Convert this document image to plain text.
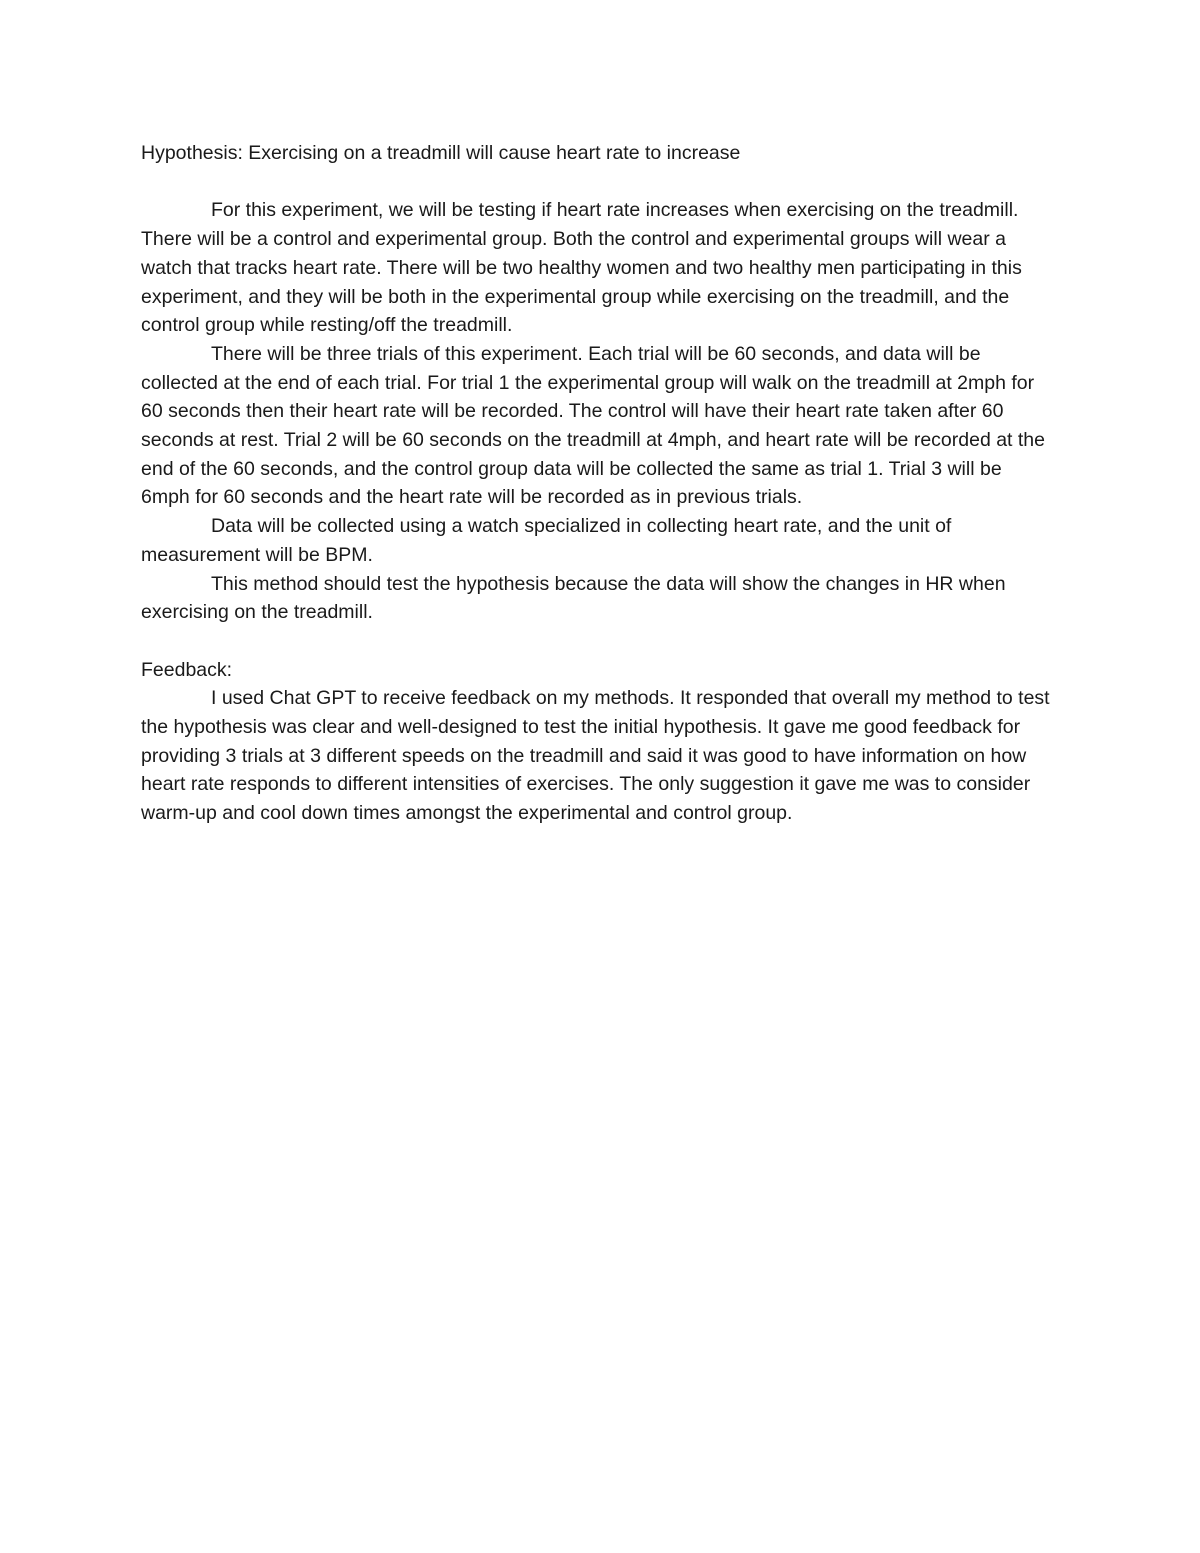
Hypothesis: Exercising on a treadmill will cause heart rate to increase

For this experiment, we will be testing if heart rate increases when exercising on the treadmill. There will be a control and experimental group. Both the control and experimental groups will wear a watch that tracks heart rate. There will be two healthy women and two healthy men participating in this experiment, and they will be both in the experimental group while exercising on the treadmill, and the control group while resting/off the treadmill.

There will be three trials of this experiment. Each trial will be 60 seconds, and data will be collected at the end of each trial. For trial 1 the experimental group will walk on the treadmill at 2mph for 60 seconds then their heart rate will be recorded. The control will have their heart rate taken after 60 seconds at rest. Trial 2 will be 60 seconds on the treadmill at 4mph, and heart rate will be recorded at the end of the 60 seconds, and the control group data will be collected the same as trial 1. Trial 3 will be 6mph for 60 seconds and the heart rate will be recorded as in previous trials.

Data will be collected using a watch specialized in collecting heart rate, and the unit of measurement will be BPM.

This method should test the hypothesis because the data will show the changes in HR when exercising on the treadmill.

Feedback:

I used Chat GPT to receive feedback on my methods. It responded that overall my method to test the hypothesis was clear and well-designed to test the initial hypothesis. It gave me good feedback for providing 3 trials at 3 different speeds on the treadmill and said it was good to have information on how heart rate responds to different intensities of exercises. The only suggestion it gave me was to consider warm-up and cool down times amongst the experimental and control group.
